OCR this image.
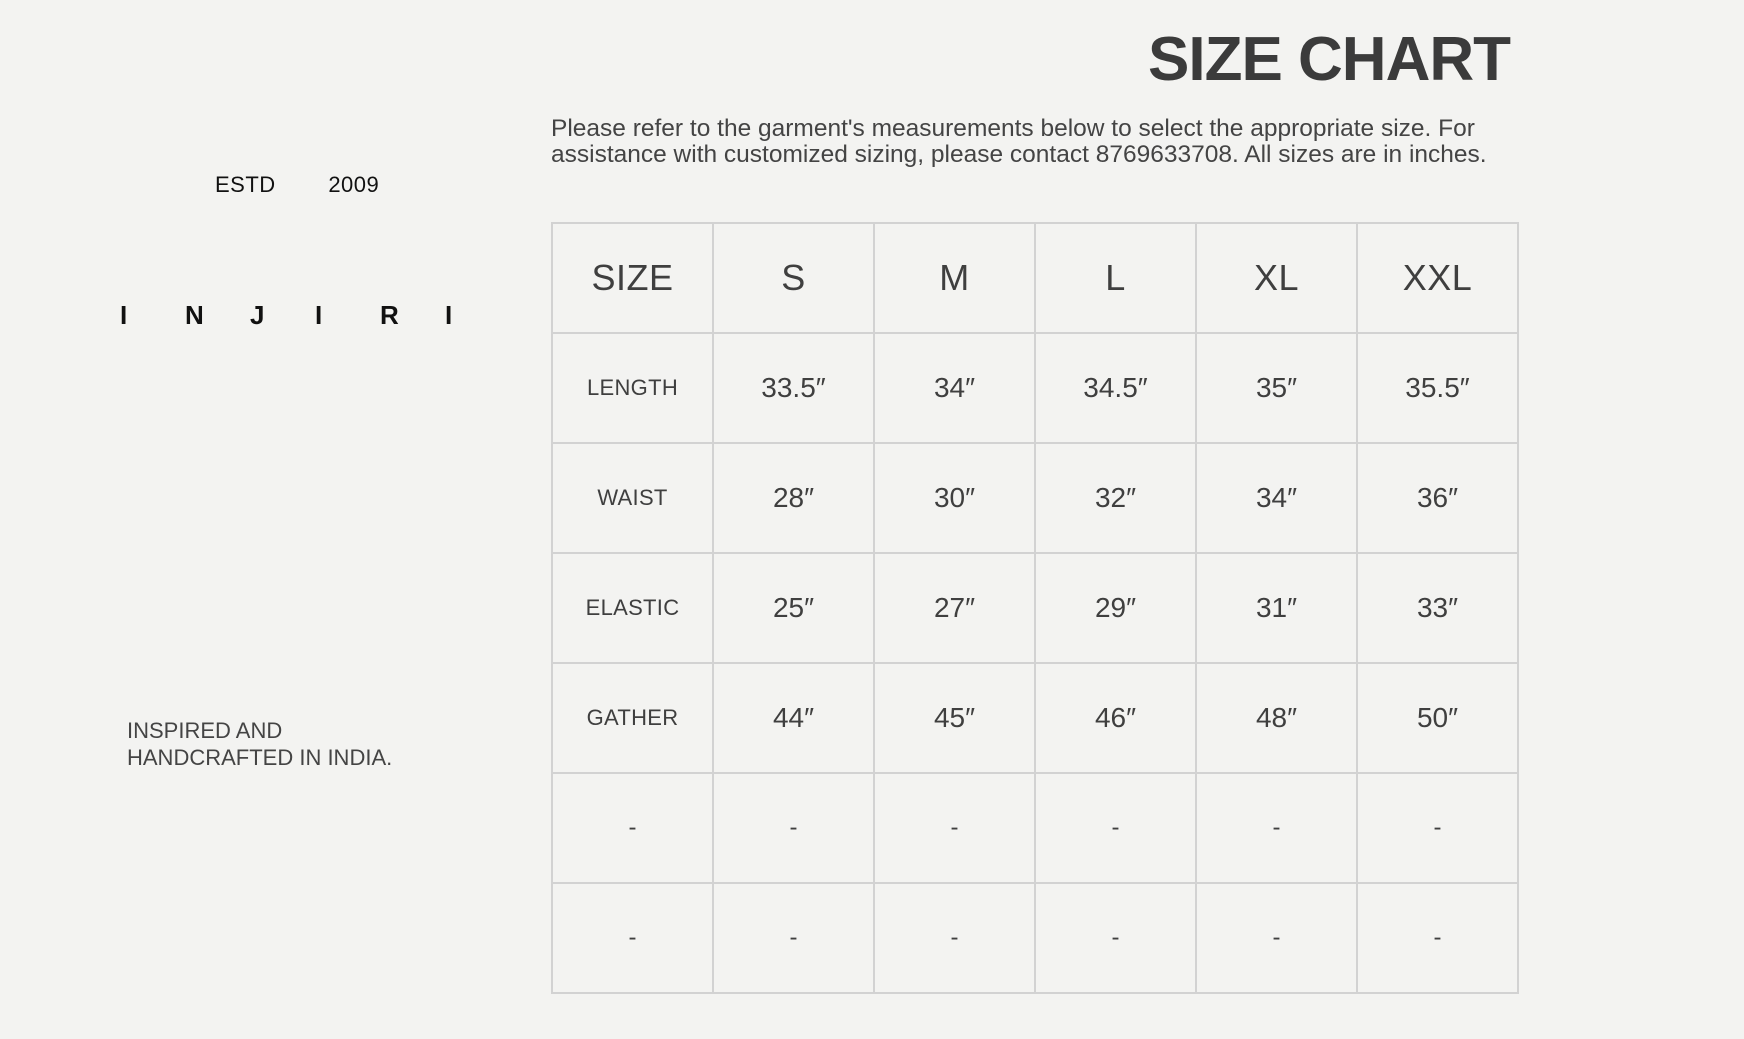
SIZE CHART

Please refer to the garment's measurements below to select the appropriate size. For assistance with customized sizing, please contact 8769633708. All sizes are in inches.

ESTD 2009
I	N	J	I	R	I
INSPIRED AND
HANDCRAFTED IN INDIA.
SIZE	S	M	L	XL	XXL
LENGTH	33.5″	34″	34.5″	35″	35.5″
WAIST	28″	30″	32″	34″	36″
ELASTIC	25″	27″	29″	31″	33″
GATHER	44″	45″	46″	48″	50″
-	-	-	-	-	-
-	-	-	-	-	-
